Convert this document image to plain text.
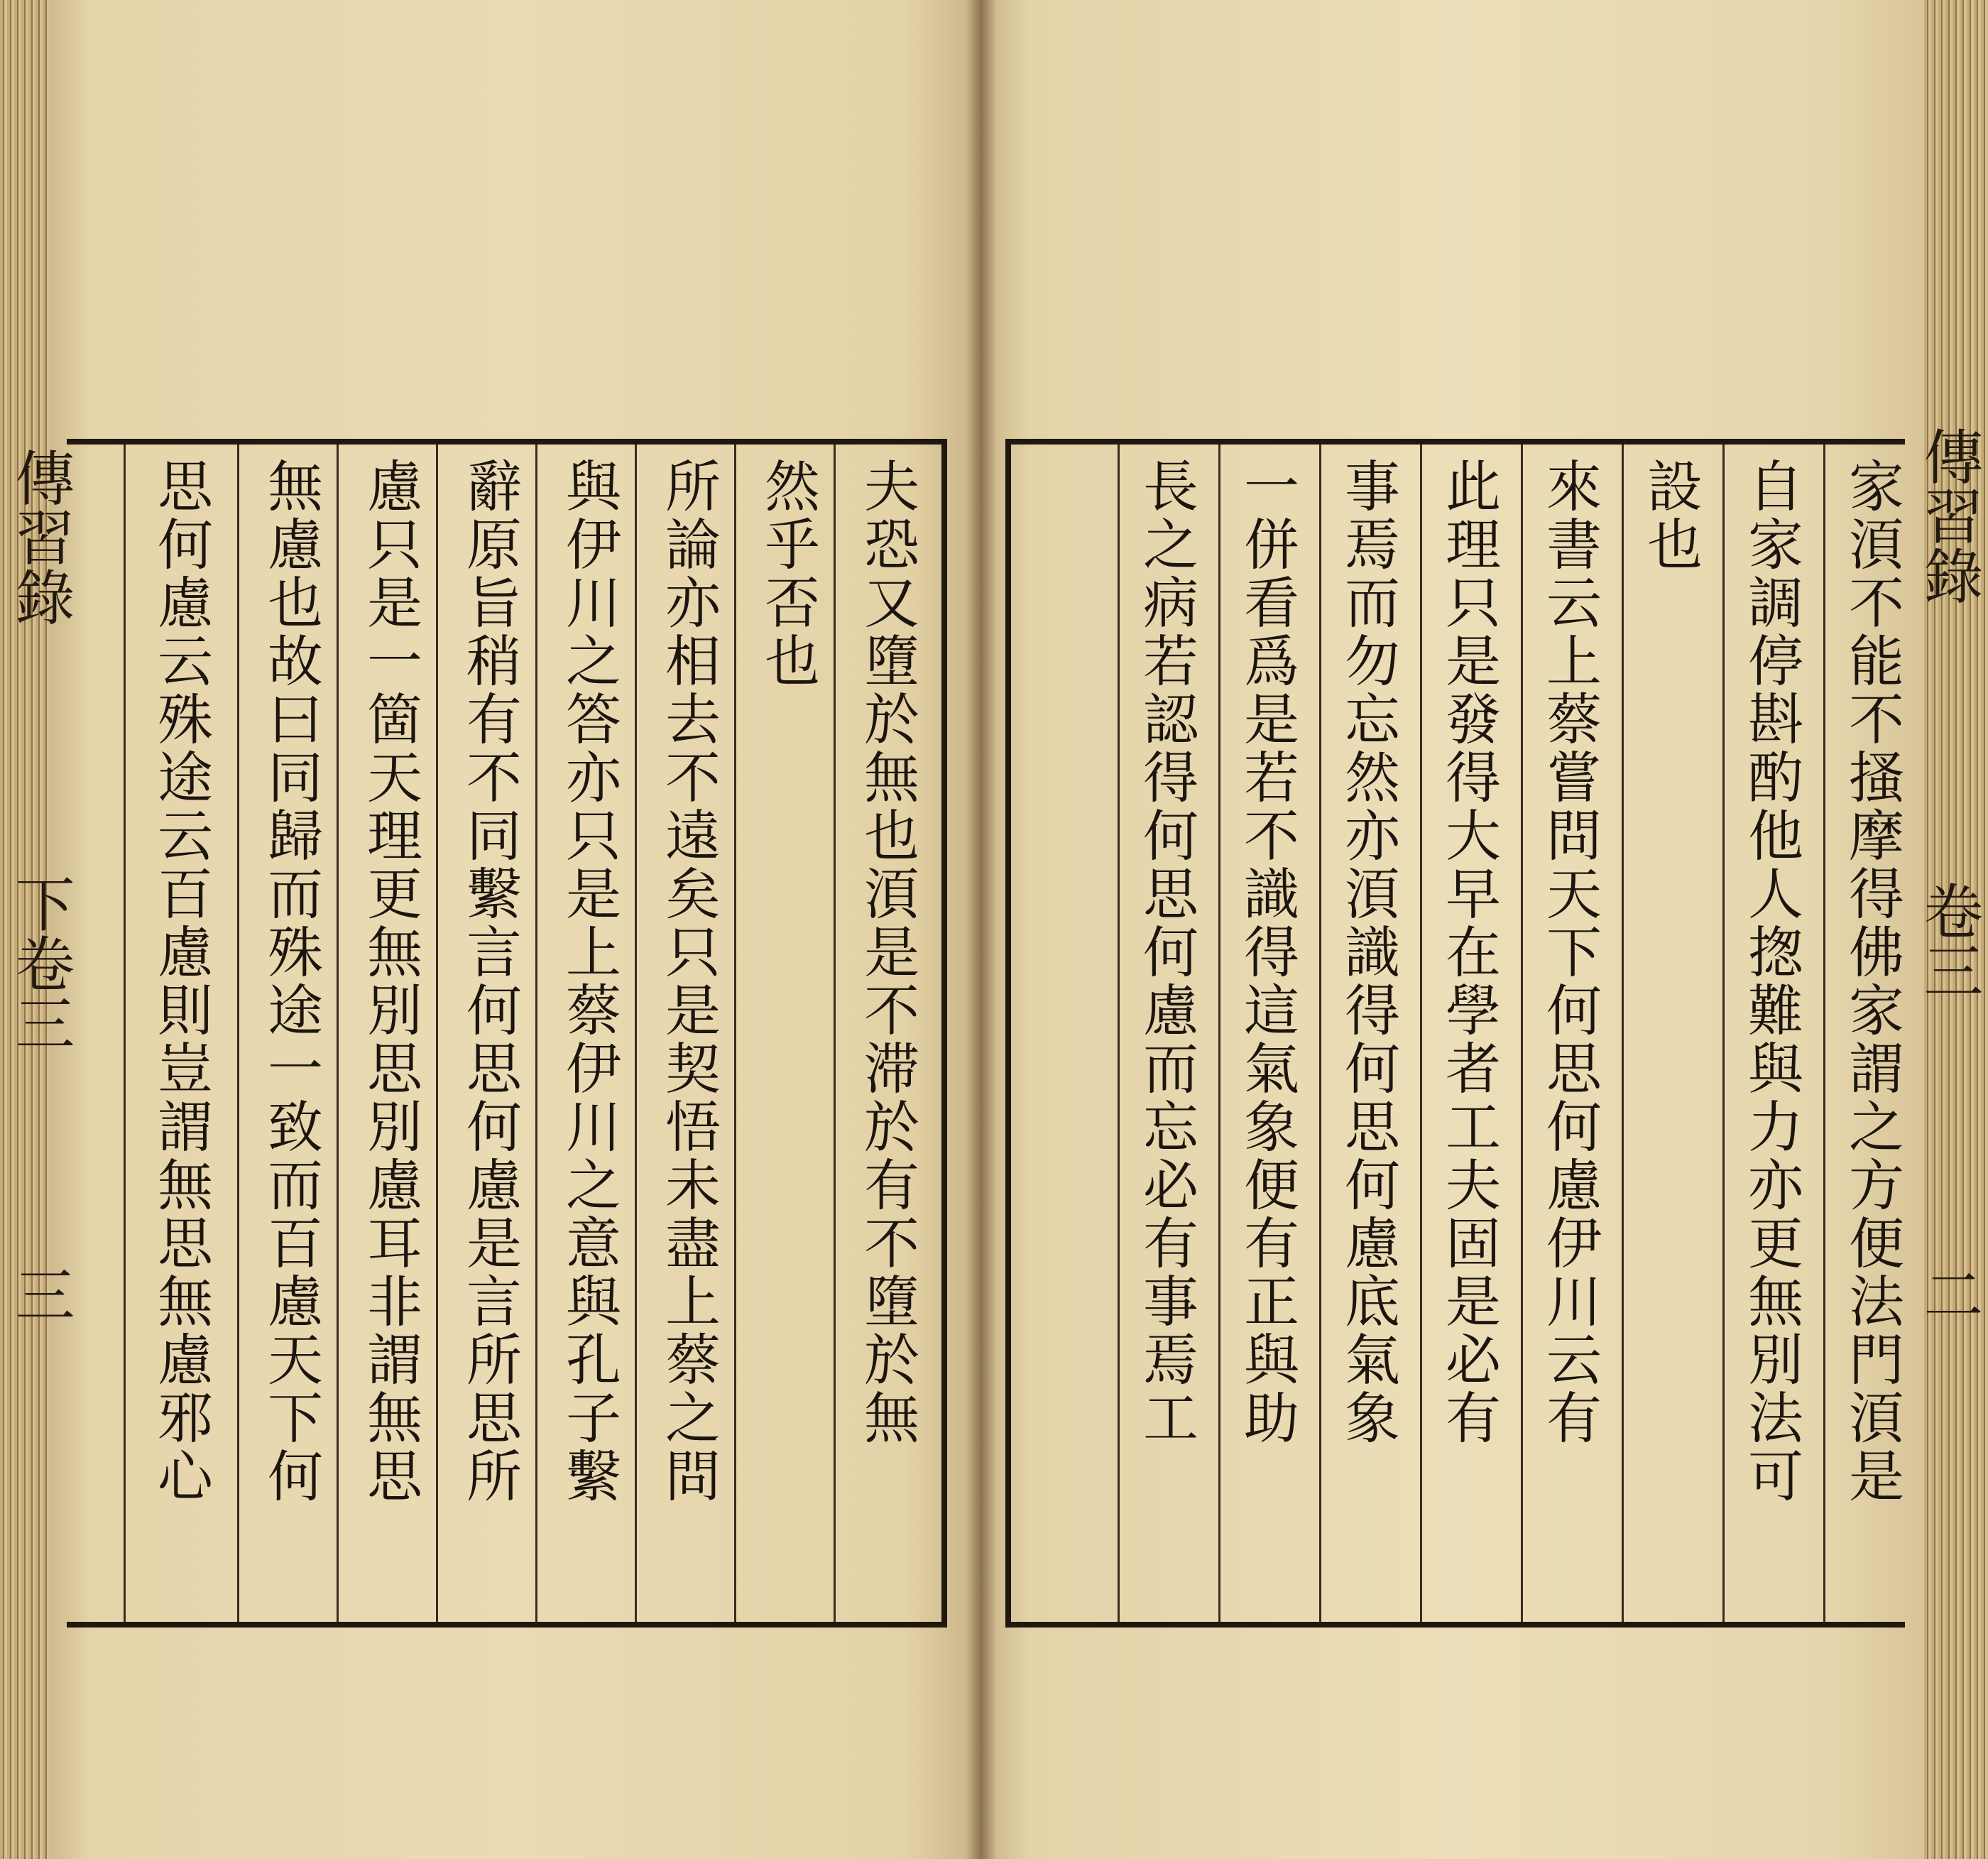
夫恐又墮於無也湏是不滞於有不墮於無
然乎否也
所論亦相去不遠矣只是契悟未盡上蔡之問
與伊川之答亦只是上蔡伊川之意與孔子繫
辭原旨稍有不同繫言何思何慮是言所思所
慮只是一箇天理更無別思別慮耳非謂無思
無慮也故曰同歸而殊途一致而百慮天下何
思何慮云殊途云百慮則豈謂無思無慮邪心
傳習錄
下卷三
三	家湏不能不搔摩得佛家謂之方便法門湏是
自家調停斟酌他人揔難與力亦更無別法可
設也
來書云上蔡嘗問天下何思何慮伊川云有
此理只是發得大早在學者工夫固是必有
事焉而勿忘然亦湏識得何思何慮底氣象
一併看爲是若不識得這氣象便有正與助
長之病若認得何思何慮而忘必有事焉工	傳習錄
卷三
二
